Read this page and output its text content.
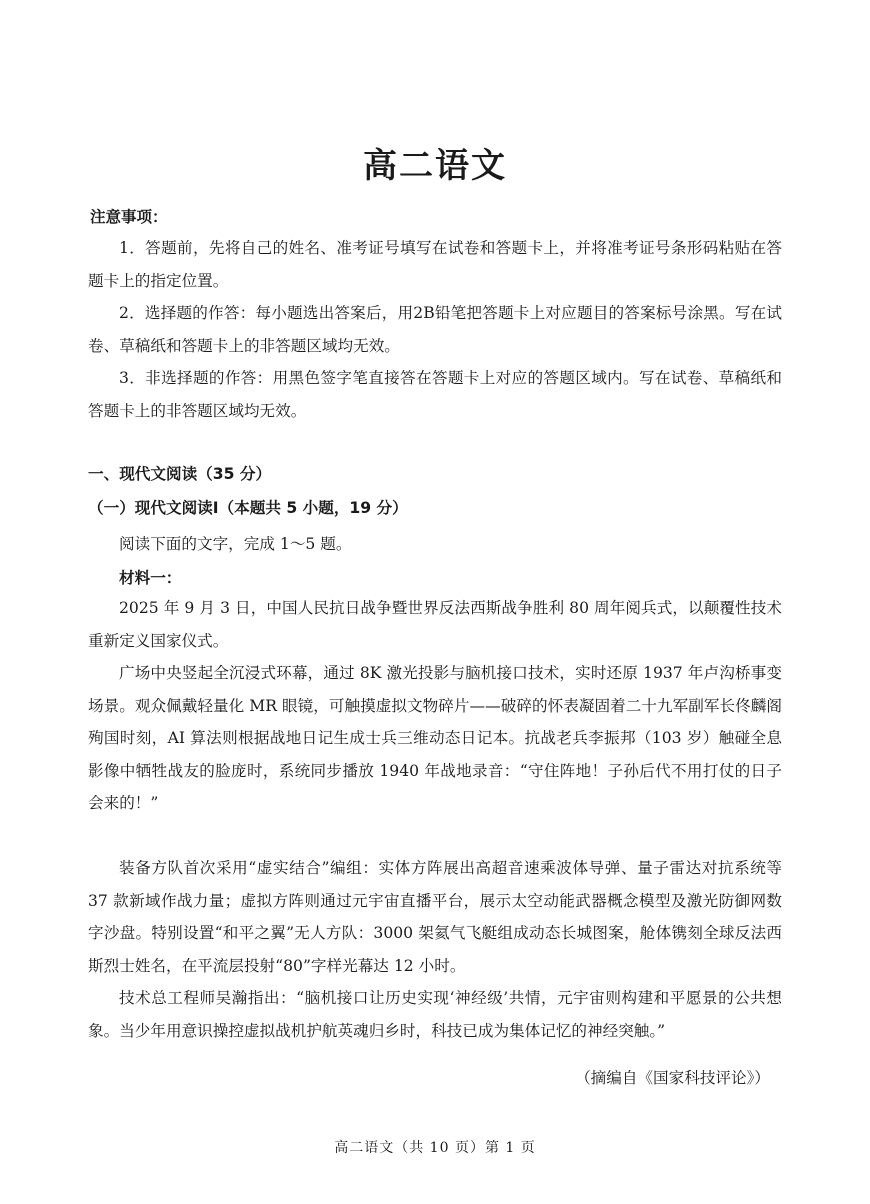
高二语文
注意事项：

1．答题前，先将自己的姓名、准考证号填写在试卷和答题卡上，并将准考证号条形码粘贴在答题卡上的指定位置。

2．选择题的作答：每小题选出答案后，用2B铅笔把答题卡上对应题目的答案标号涂黑。写在试卷、草稿纸和答题卡上的非答题区域均无效。

3．非选择题的作答：用黑色签字笔直接答在答题卡上对应的答题区域内。写在试卷、草稿纸和答题卡上的非答题区域均无效。

一、现代文阅读（35 分）
（一）现代文阅读Ⅰ（本题共 5 小题，19 分）
阅读下面的文字，完成 1～5 题。
材料一：

2025 年 9 月 3 日，中国人民抗日战争暨世界反法西斯战争胜利 80 周年阅兵式，以颠覆性技术重新定义国家仪式。

广场中央竖起全沉浸式环幕，通过 8K 激光投影与脑机接口技术，实时还原 1937 年卢沟桥事变场景。观众佩戴轻量化 MR 眼镜，可触摸虚拟文物碎片——破碎的怀表凝固着二十九军副军长佟麟阁殉国时刻，AI 算法则根据战地日记生成士兵三维动态日记本。抗战老兵李振邦（103 岁）触碰全息影像中牺牲战友的脸庞时，系统同步播放 1940 年战地录音：“守住阵地！子孙后代不用打仗的日子会来的！”

装备方队首次采用“虚实结合”编组：实体方阵展出高超音速乘波体导弹、量子雷达对抗系统等 37 款新域作战力量；虚拟方阵则通过元宇宙直播平台，展示太空动能武器概念模型及激光防御网数字沙盘。特别设置“和平之翼”无人方队：3000 架氦气飞艇组成动态长城图案，舱体镌刻全球反法西斯烈士姓名，在平流层投射“80”字样光幕达 12 小时。

技术总工程师吴瀚指出：“脑机接口让历史实现‘神经级’共情，元宇宙则构建和平愿景的公共想象。当少年用意识操控虚拟战机护航英魂归乡时，科技已成为集体记忆的神经突触。”

（摘编自《国家科技评论》）
高二语文（共 10 页）第 1 页
